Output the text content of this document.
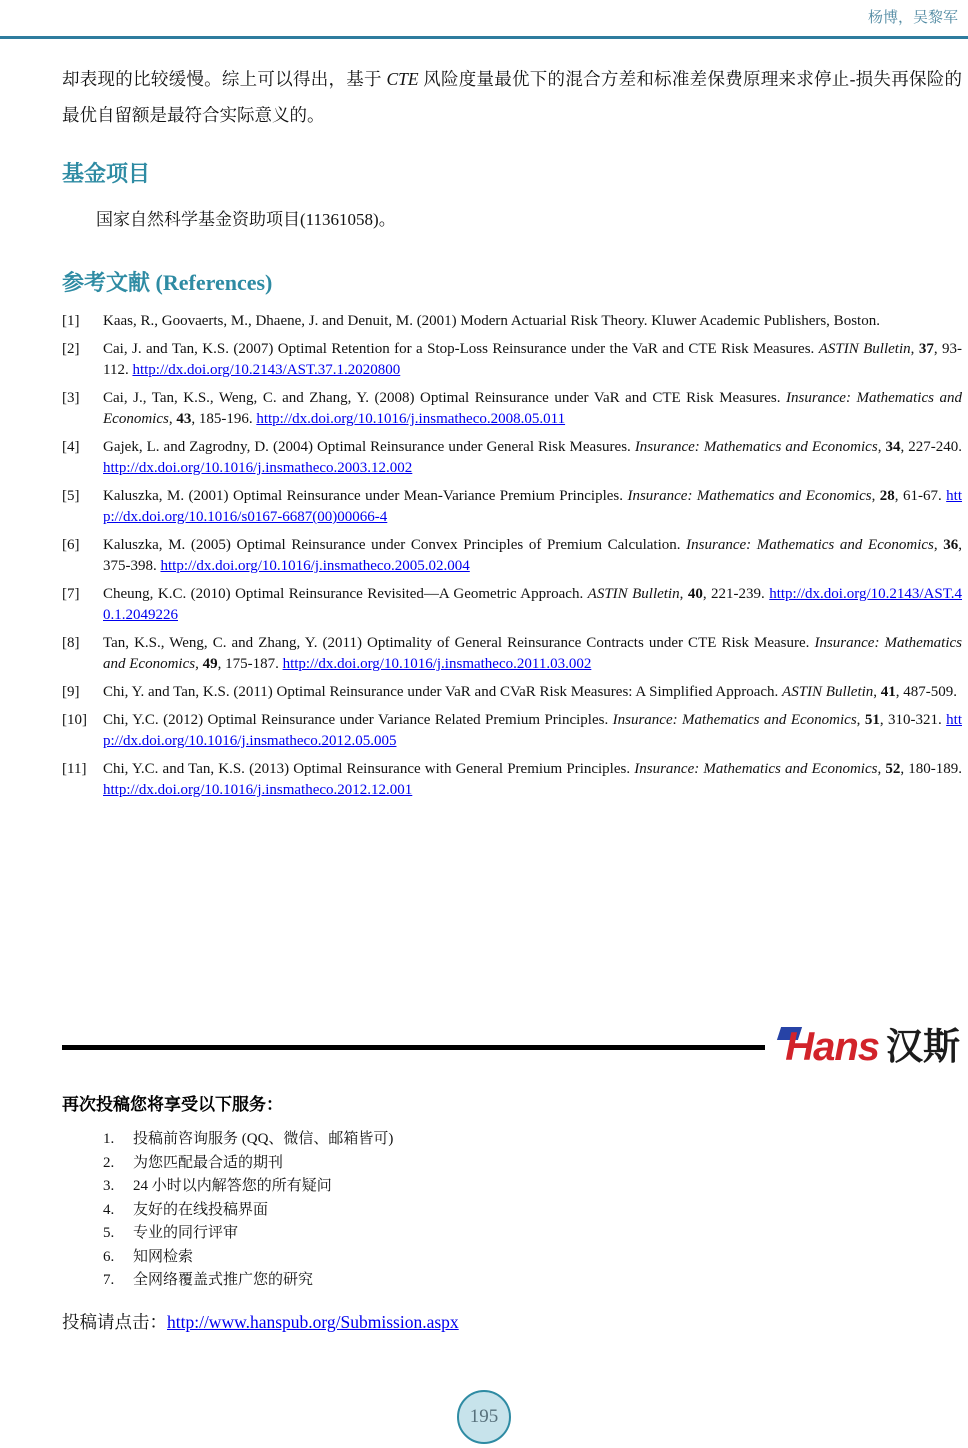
杨博，吴黎军

却表现的比较缓慢。综上可以得出，基于 CTE 风险度量最优下的混合方差和标准差保费原理来求停止-损失再保险的最优自留额是最符合实际意义的。

基金项目

国家自然科学基金资助项目(11361058)。

参考文献 (References)
[1]	Kaas, R., Goovaerts, M., Dhaene, J. and Denuit, M. (2001) Modern Actuarial Risk Theory. Kluwer Academic Publishers, Boston.
[2]	Cai, J. and Tan, K.S. (2007) Optimal Retention for a Stop-Loss Reinsurance under the VaR and CTE Risk Measures. ASTIN Bulletin, 37, 93-112. http://dx.doi.org/10.2143/AST.37.1.2020800
[3]	Cai, J., Tan, K.S., Weng, C. and Zhang, Y. (2008) Optimal Reinsurance under VaR and CTE Risk Measures. Insurance: Mathematics and Economics, 43, 185-196. http://dx.doi.org/10.1016/j.insmatheco.2008.05.011
[4]	Gajek, L. and Zagrodny, D. (2004) Optimal Reinsurance under General Risk Measures. Insurance: Mathematics and Economics, 34, 227-240. http://dx.doi.org/10.1016/j.insmatheco.2003.12.002
[5]	Kaluszka, M. (2001) Optimal Reinsurance under Mean-Variance Premium Principles. Insurance: Mathematics and Economics, 28, 61-67. http://dx.doi.org/10.1016/s0167-6687(00)00066-4
[6]	Kaluszka, M. (2005) Optimal Reinsurance under Convex Principles of Premium Calculation. Insurance: Mathematics and Economics, 36, 375-398. http://dx.doi.org/10.1016/j.insmatheco.2005.02.004
[7]	Cheung, K.C. (2010) Optimal Reinsurance Revisited—A Geometric Approach. ASTIN Bulletin, 40, 221-239. http://dx.doi.org/10.2143/AST.40.1.2049226
[8]	Tan, K.S., Weng, C. and Zhang, Y. (2011) Optimality of General Reinsurance Contracts under CTE Risk Measure. Insurance: Mathematics and Economics, 49, 175-187. http://dx.doi.org/10.1016/j.insmatheco.2011.03.002
[9]	Chi, Y. and Tan, K.S. (2011) Optimal Reinsurance under VaR and CVaR Risk Measures: A Simplified Approach. ASTIN Bulletin, 41, 487-509.
[10]	Chi, Y.C. (2012) Optimal Reinsurance under Variance Related Premium Principles. Insurance: Mathematics and Economics, 51, 310-321. http://dx.doi.org/10.1016/j.insmatheco.2012.05.005
[11]	Chi, Y.C. and Tan, K.S. (2013) Optimal Reinsurance with General Premium Principles. Insurance: Mathematics and Economics, 52, 180-189. http://dx.doi.org/10.1016/j.insmatheco.2012.12.001
Hans 汉斯
再次投稿您将享受以下服务：
1.	投稿前咨询服务 (QQ、微信、邮箱皆可)
2.	为您匹配最合适的期刊
3.	24 小时以内解答您的所有疑问
4.	友好的在线投稿界面
5.	专业的同行评审
6.	知网检索
7.	全网络覆盖式推广您的研究

投稿请点击：http://www.hanspub.org/Submission.aspx

195
